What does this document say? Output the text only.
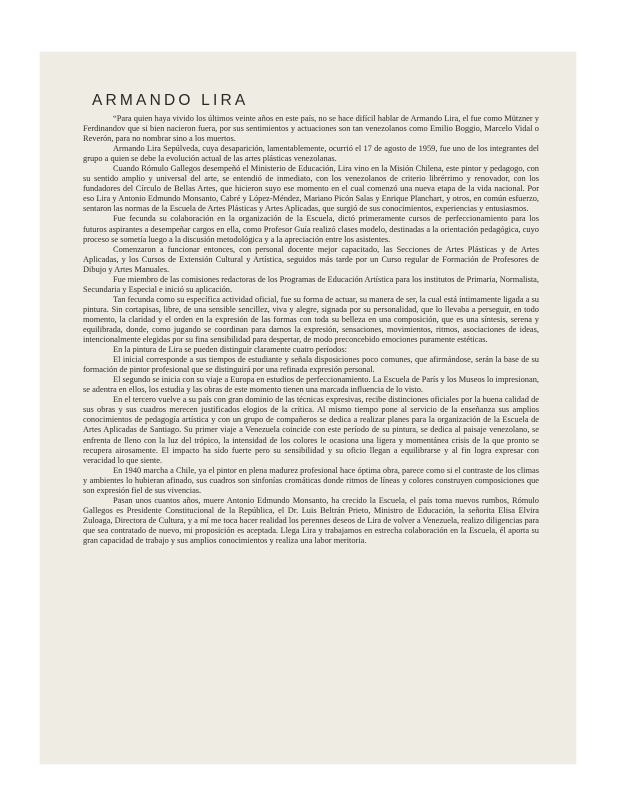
ARMANDO LIRA

“Para quien haya vivido los últimos veinte años en este país, no se hace difícil hablar de Armando Lira, el fue como Mützner y Ferdinandov que si bien nacieron fuera, por sus sentimientos y actuaciones son tan venezolanos como Emilio Boggio, Marcelo Vidal o Reverón, para no nombrar sino a los muertos.

Armando Lira Sepúlveda, cuya desaparición, lamentablemente, ocurrió el 17 de agosto de 1959, fue uno de los integrantes del grupo a quien se debe la evolución actual de las artes plásticas venezolanas.

Cuando Rómulo Gallegos desempeñó el Ministerio de Educación, Lira vino en la Misión Chilena, este pintor y pedagogo, con su sentido amplio y universal del arte, se entendió de inmediato, con los venezolanos de criterio librérrimo y renovador, con los fundadores del Círculo de Bellas Artes, que hicieron suyo ese momento en el cual comenzó una nueva etapa de la vida nacional. Por eso Lira y Antonio Edmundo Monsanto, Cabré y López-Méndez, Mariano Picón Salas y Enrique Planchart, y otros, en común esfuerzo, sentaron las normas de la Escuela de Artes Plásticas y Artes Aplicadas, que surgió de sus conocimientos, experiencias y entusiasmos.

Fue fecunda su colaboración en la organización de la Escuela, dictó primeramente cursos de perfeccionamiento para los futuros aspirantes a desempeñar cargos en ella, como Profesor Guía realizó clases modelo, destinadas a la orientación pedagógica, cuyo proceso se sometía luego a la discusión metodológica y a la apreciación entre los asistentes.

Comenzaron a funcionar entonces, con personal docente mejor capacitado, las Secciones de Artes Plásticas y de Artes Aplicadas, y los Cursos de Extensión Cultural y Artística, seguidos más tarde por un Curso regular de Formación de Profesores de Dibujo y Artes Manuales.

Fue miembro de las comisiones redactoras de los Programas de Educación Artística para los institutos de Primaria, Normalista, Secundaria y Especial e inició su aplicación.

Tan fecunda como su específica actividad oficial, fue su forma de actuar, su manera de ser, la cual está íntimamente ligada a su pintura. Sin cortapisas, libre, de una sensible sencillez, viva y alegre, signada por su personalidad, que lo llevaba a perseguir, en todo momento, la claridad y el orden en la expresión de las formas con toda su belleza en una composición, que es una síntesis, serena y equilibrada, donde, como jugando se coordinan para darnos la expresión, sensaciones, movimientos, ritmos, asociaciones de ideas, intencionalmente elegidas por su fina sensibilidad para despertar, de modo preconcebido emociones puramente estéticas.

En la pintura de Lira se pueden distinguir claramente cuatro períodos:

El inicial corresponde a sus tiempos de estudiante y señala disposiciones poco comunes, que afirmándose, serán la base de su formación de pintor profesional que se distinguirá por una refinada expresión personal.

El segundo se inicia con su viaje a Europa en estudios de perfeccionamiento. La Escuela de París y los Museos lo impresionan, se adentra en ellos, los estudia y las obras de este momento tienen una marcada influencia de lo visto.

En el tercero vuelve a su país con gran dominio de las técnicas expresivas, recibe distinciones oficiales por la buena calidad de sus obras y sus cuadros merecen justificados elogios de la crítica. Al mismo tiempo pone al servicio de la enseñanza sus amplios conocimientos de pedagogía artística y con un grupo de compañeros se dedica a realizar planes para la organización de la Escuela de Artes Aplicadas de Santiago. Su primer viaje a Venezuela coincide con este período de su pintura, se dedica al paisaje venezolano, se enfrenta de lleno con la luz del trópico, la intensidad de los colores le ocasiona una ligera y momentánea crisis de la que pronto se recupera airosamente. El impacto ha sido fuerte pero su sensibilidad y su oficio llegan a equilibrarse y al fin logra expresar con veracidad lo que siente.

En 1940 marcha a Chile, ya el pintor en plena madurez profesional hace óptima obra, parece como si el contraste de los climas y ambientes lo hubieran afinado, sus cuadros son sinfonías cromáticas donde ritmos de líneas y colores construyen composiciones que son expresión fiel de sus vivencias.

Pasan unos cuantos años, muere Antonio Edmundo Monsanto, ha crecido la Escuela, el país toma nuevos rumbos, Rómulo Gallegos es Presidente Constitucional de la República, el Dr. Luis Beltrán Prieto, Ministro de Educación, la señorita Elisa Elvira Zuloaga, Directora de Cultura, y a mí me toca hacer realidad los perennes deseos de Lira de volver a Venezuela, realizo diligencias para que sea contratado de nuevo, mi proposición es aceptada. Llega Lira y trabajamos en estrecha colaboración en la Escuela, él aporta su gran capacidad de trabajo y sus amplios conocimientos y realiza una labor meritoria.
